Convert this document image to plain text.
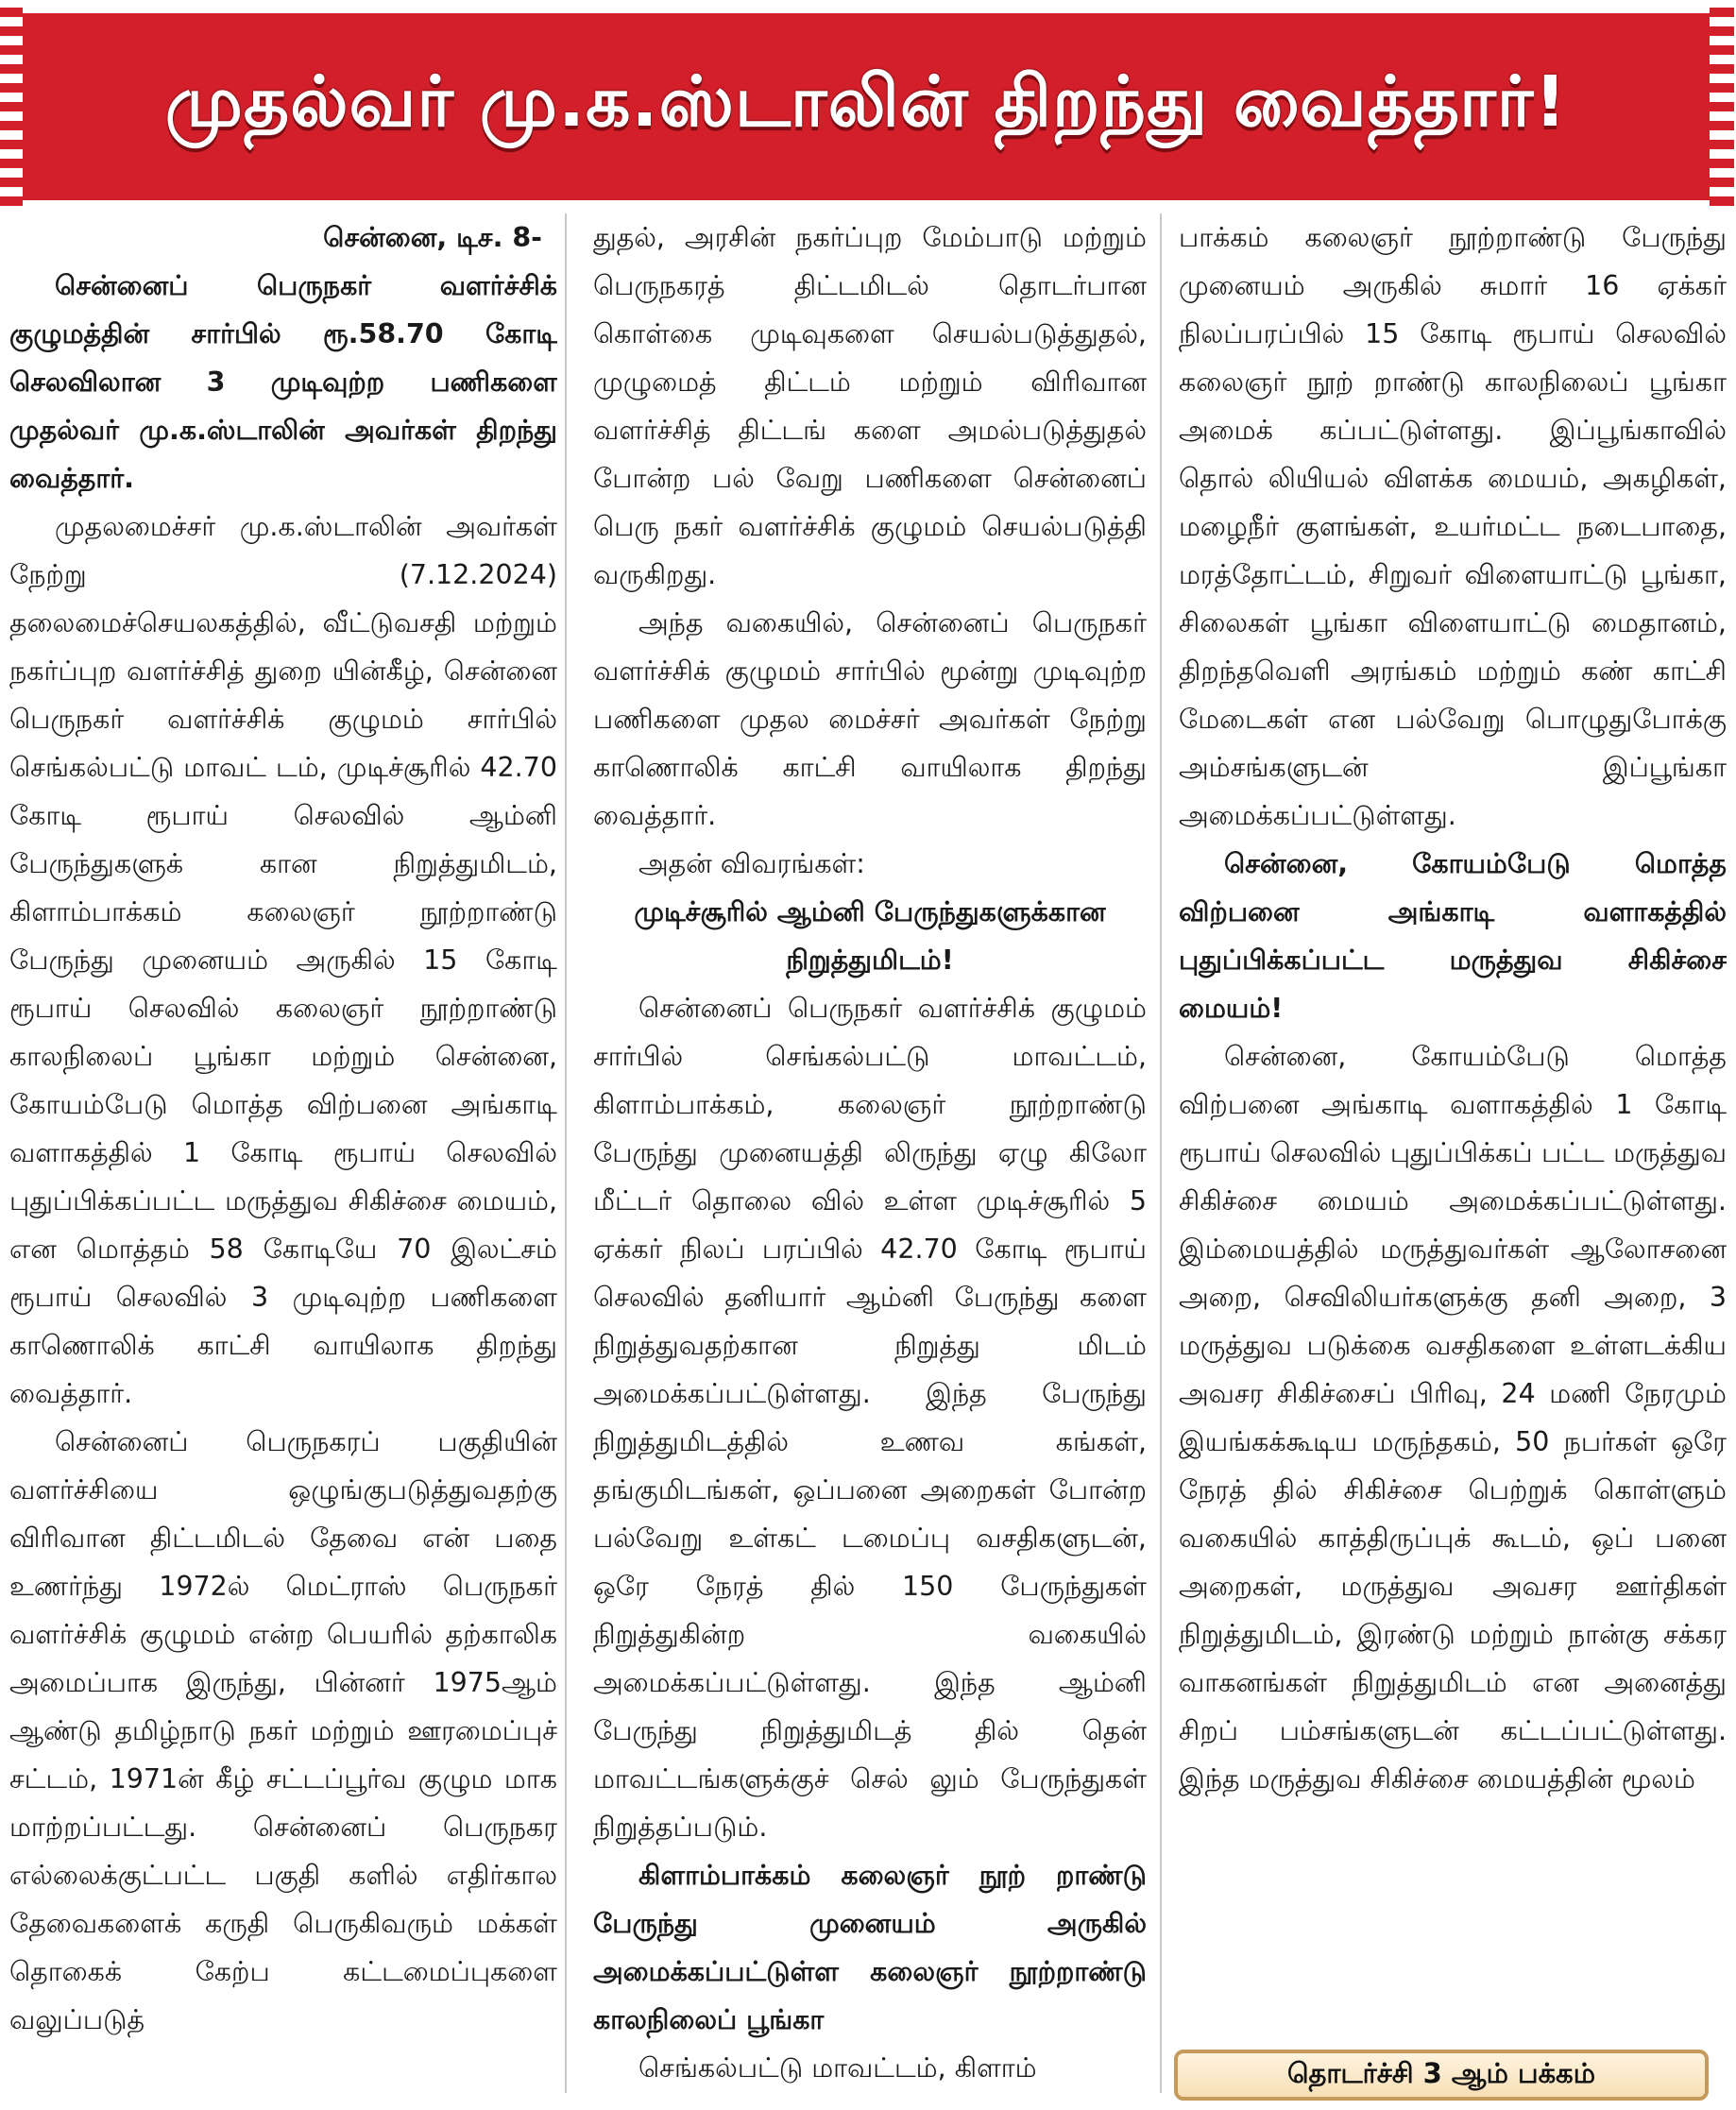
முதல்வர் மு.க.ஸ்டாலின் திறந்து வைத்தார்!
சென்னை, டிச. 8-

சென்னைப் பெருநகர் வளர்ச்சிக் குழுமத்தின் சார்பில் ரூ.58.70 கோடி செலவிலான 3 முடிவுற்ற பணிகளை முதல்வர் மு.க.ஸ்டாலின் அவர்கள் திறந்து வைத்தார்.

முதலமைச்சர் மு.க.ஸ்டாலின் அவர்கள் நேற்று (7.12.2024) தலைமைச்செயலகத்தில், வீட்டுவசதி மற்றும் நகர்ப்புற வளர்ச்சித் துறை யின்கீழ், சென்னை பெருநகர் வளர்ச்சிக் குழுமம் சார்பில் செங்கல்பட்டு மாவட் டம், முடிச்சூரில் 42.70 கோடி ரூபாய் செலவில் ஆம்னி பேருந்துகளுக் கான நிறுத்துமிடம், கிளாம்பாக்கம் கலைஞர் நூற்றாண்டு பேருந்து முனையம் அருகில் 15 கோடி ரூபாய் செலவில் கலைஞர் நூற்றாண்டு காலநிலைப் பூங்கா மற்றும் சென்னை, கோயம்பேடு மொத்த விற்பனை அங்காடி வளாகத்தில் 1 கோடி ரூபாய் செலவில் புதுப்பிக்கப்பட்ட மருத்துவ சிகிச்சை மையம், என மொத்தம் 58 கோடியே 70 இலட்சம் ரூபாய் செலவில் 3 முடிவுற்ற பணிகளை காணொலிக் காட்சி வாயிலாக திறந்து வைத்தார்.

சென்னைப் பெருநகரப் பகுதியின் வளர்ச்சியை ஒழுங்குபடுத்துவதற்கு விரிவான திட்டமிடல் தேவை என் பதை உணர்ந்து 1972ல் மெட்ராஸ் பெருநகர் வளர்ச்சிக் குழுமம் என்ற பெயரில் தற்காலிக அமைப்பாக இருந்து, பின்னர் 1975ஆம் ஆண்டு தமிழ்நாடு நகர் மற்றும் ஊரமைப்புச் சட்டம், 1971ன் கீழ் சட்டப்பூர்வ குழும மாக மாற்றப்பட்டது. சென்னைப் பெருநகர எல்லைக்குட்பட்ட பகுதி களில் எதிர்கால தேவைகளைக் கருதி பெருகிவரும் மக்கள் தொகைக் கேற்ப கட்டமைப்புகளை வலுப்படுத்

துதல், அரசின் நகர்ப்புற மேம்பாடு மற்றும் பெருநகரத் திட்டமிடல் தொடர்பான கொள்கை முடிவுகளை செயல்படுத்துதல், முழுமைத் திட்டம் மற்றும் விரிவான வளர்ச்சித் திட்டங் களை அமல்படுத்துதல் போன்ற பல் வேறு பணிகளை சென்னைப் பெரு நகர் வளர்ச்சிக் குழுமம் செயல்படுத்தி வருகிறது.

அந்த வகையில், சென்னைப் பெருநகர் வளர்ச்சிக் குழுமம் சார்பில் மூன்று முடிவுற்ற பணிகளை முதல மைச்சர் அவர்கள் நேற்று காணொலிக் காட்சி வாயிலாக திறந்து வைத்தார்.

அதன் விவரங்கள்:

முடிச்சூரில் ஆம்னி பேருந்துகளுக்கான நிறுத்துமிடம்!

சென்னைப் பெருநகர் வளர்ச்சிக் குழுமம் சார்பில் செங்கல்பட்டு மாவட்டம், கிளாம்பாக்கம், கலைஞர் நூற்றாண்டு பேருந்து முனையத்தி லிருந்து ஏழு கிலோ மீட்டர் தொலை வில் உள்ள முடிச்சூரில் 5 ஏக்கர் நிலப் பரப்பில் 42.70 கோடி ரூபாய் செலவில் தனியார் ஆம்னி பேருந்து களை நிறுத்துவதற்கான நிறுத்து மிடம் அமைக்கப்பட்டுள்ளது. இந்த பேருந்து நிறுத்துமிடத்தில் உணவ கங்கள், தங்குமிடங்கள், ஒப்பனை அறைகள் போன்ற பல்வேறு உள்கட் டமைப்பு வசதிகளுடன், ஒரே நேரத் தில் 150 பேருந்துகள் நிறுத்துகின்ற வகையில் அமைக்கப்பட்டுள்ளது. இந்த ஆம்னி பேருந்து நிறுத்துமிடத் தில் தென் மாவட்டங்களுக்குச் செல் லும் பேருந்துகள் நிறுத்தப்படும்.

கிளாம்பாக்கம் கலைஞர் நூற் றாண்டு பேருந்து முனையம் அருகில் அமைக்கப்பட்டுள்ள கலைஞர் நூற்றாண்டு காலநிலைப் பூங்கா

செங்கல்பட்டு மாவட்டம், கிளாம்

பாக்கம் கலைஞர் நூற்றாண்டு பேருந்து முனையம் அருகில் சுமார் 16 ஏக்கர் நிலப்பரப்பில் 15 கோடி ரூபாய் செலவில் கலைஞர் நூற் றாண்டு காலநிலைப் பூங்கா அமைக் கப்பட்டுள்ளது. இப்பூங்காவில் தொல் லியியல் விளக்க மையம், அகழிகள், மழைநீர் குளங்கள், உயர்மட்ட நடைபாதை, மரத்தோட்டம், சிறுவர் விளையாட்டு பூங்கா, சிலைகள் பூங்கா விளையாட்டு மைதானம், திறந்தவெளி அரங்கம் மற்றும் கண் காட்சி மேடைகள் என பல்வேறு பொழுதுபோக்கு அம்சங்களுடன் இப்பூங்கா அமைக்கப்பட்டுள்ளது.

சென்னை, கோயம்பேடு மொத்த விற்பனை அங்காடி வளாகத்தில் புதுப்பிக்கப்பட்ட மருத்துவ சிகிச்சை மையம்!

சென்னை, கோயம்பேடு மொத்த விற்பனை அங்காடி வளாகத்தில் 1 கோடி ரூபாய் செலவில் புதுப்பிக்கப் பட்ட மருத்துவ சிகிச்சை மையம் அமைக்கப்பட்டுள்ளது. இம்மையத்தில் மருத்துவர்கள் ஆலோசனை அறை, செவிலியர்களுக்கு தனி அறை, 3 மருத்துவ படுக்கை வசதிகளை உள்ளடக்கிய அவசர சிகிச்சைப் பிரிவு, 24 மணி நேரமும் இயங்கக்கூடிய மருந்தகம், 50 நபர்கள் ஒரே நேரத் தில் சிகிச்சை பெற்றுக் கொள்ளும் வகையில் காத்திருப்புக் கூடம், ஒப் பனை அறைகள், மருத்துவ அவசர ஊர்திகள் நிறுத்துமிடம், இரண்டு மற்றும் நான்கு சக்கர வாகனங்கள் நிறுத்துமிடம் என அனைத்து சிறப் பம்சங்களுடன் கட்டப்பட்டுள்ளது. இந்த மருத்துவ சிகிச்சை மையத்தின் மூலம்

தொடர்ச்சி 3 ஆம் பக்கம்
